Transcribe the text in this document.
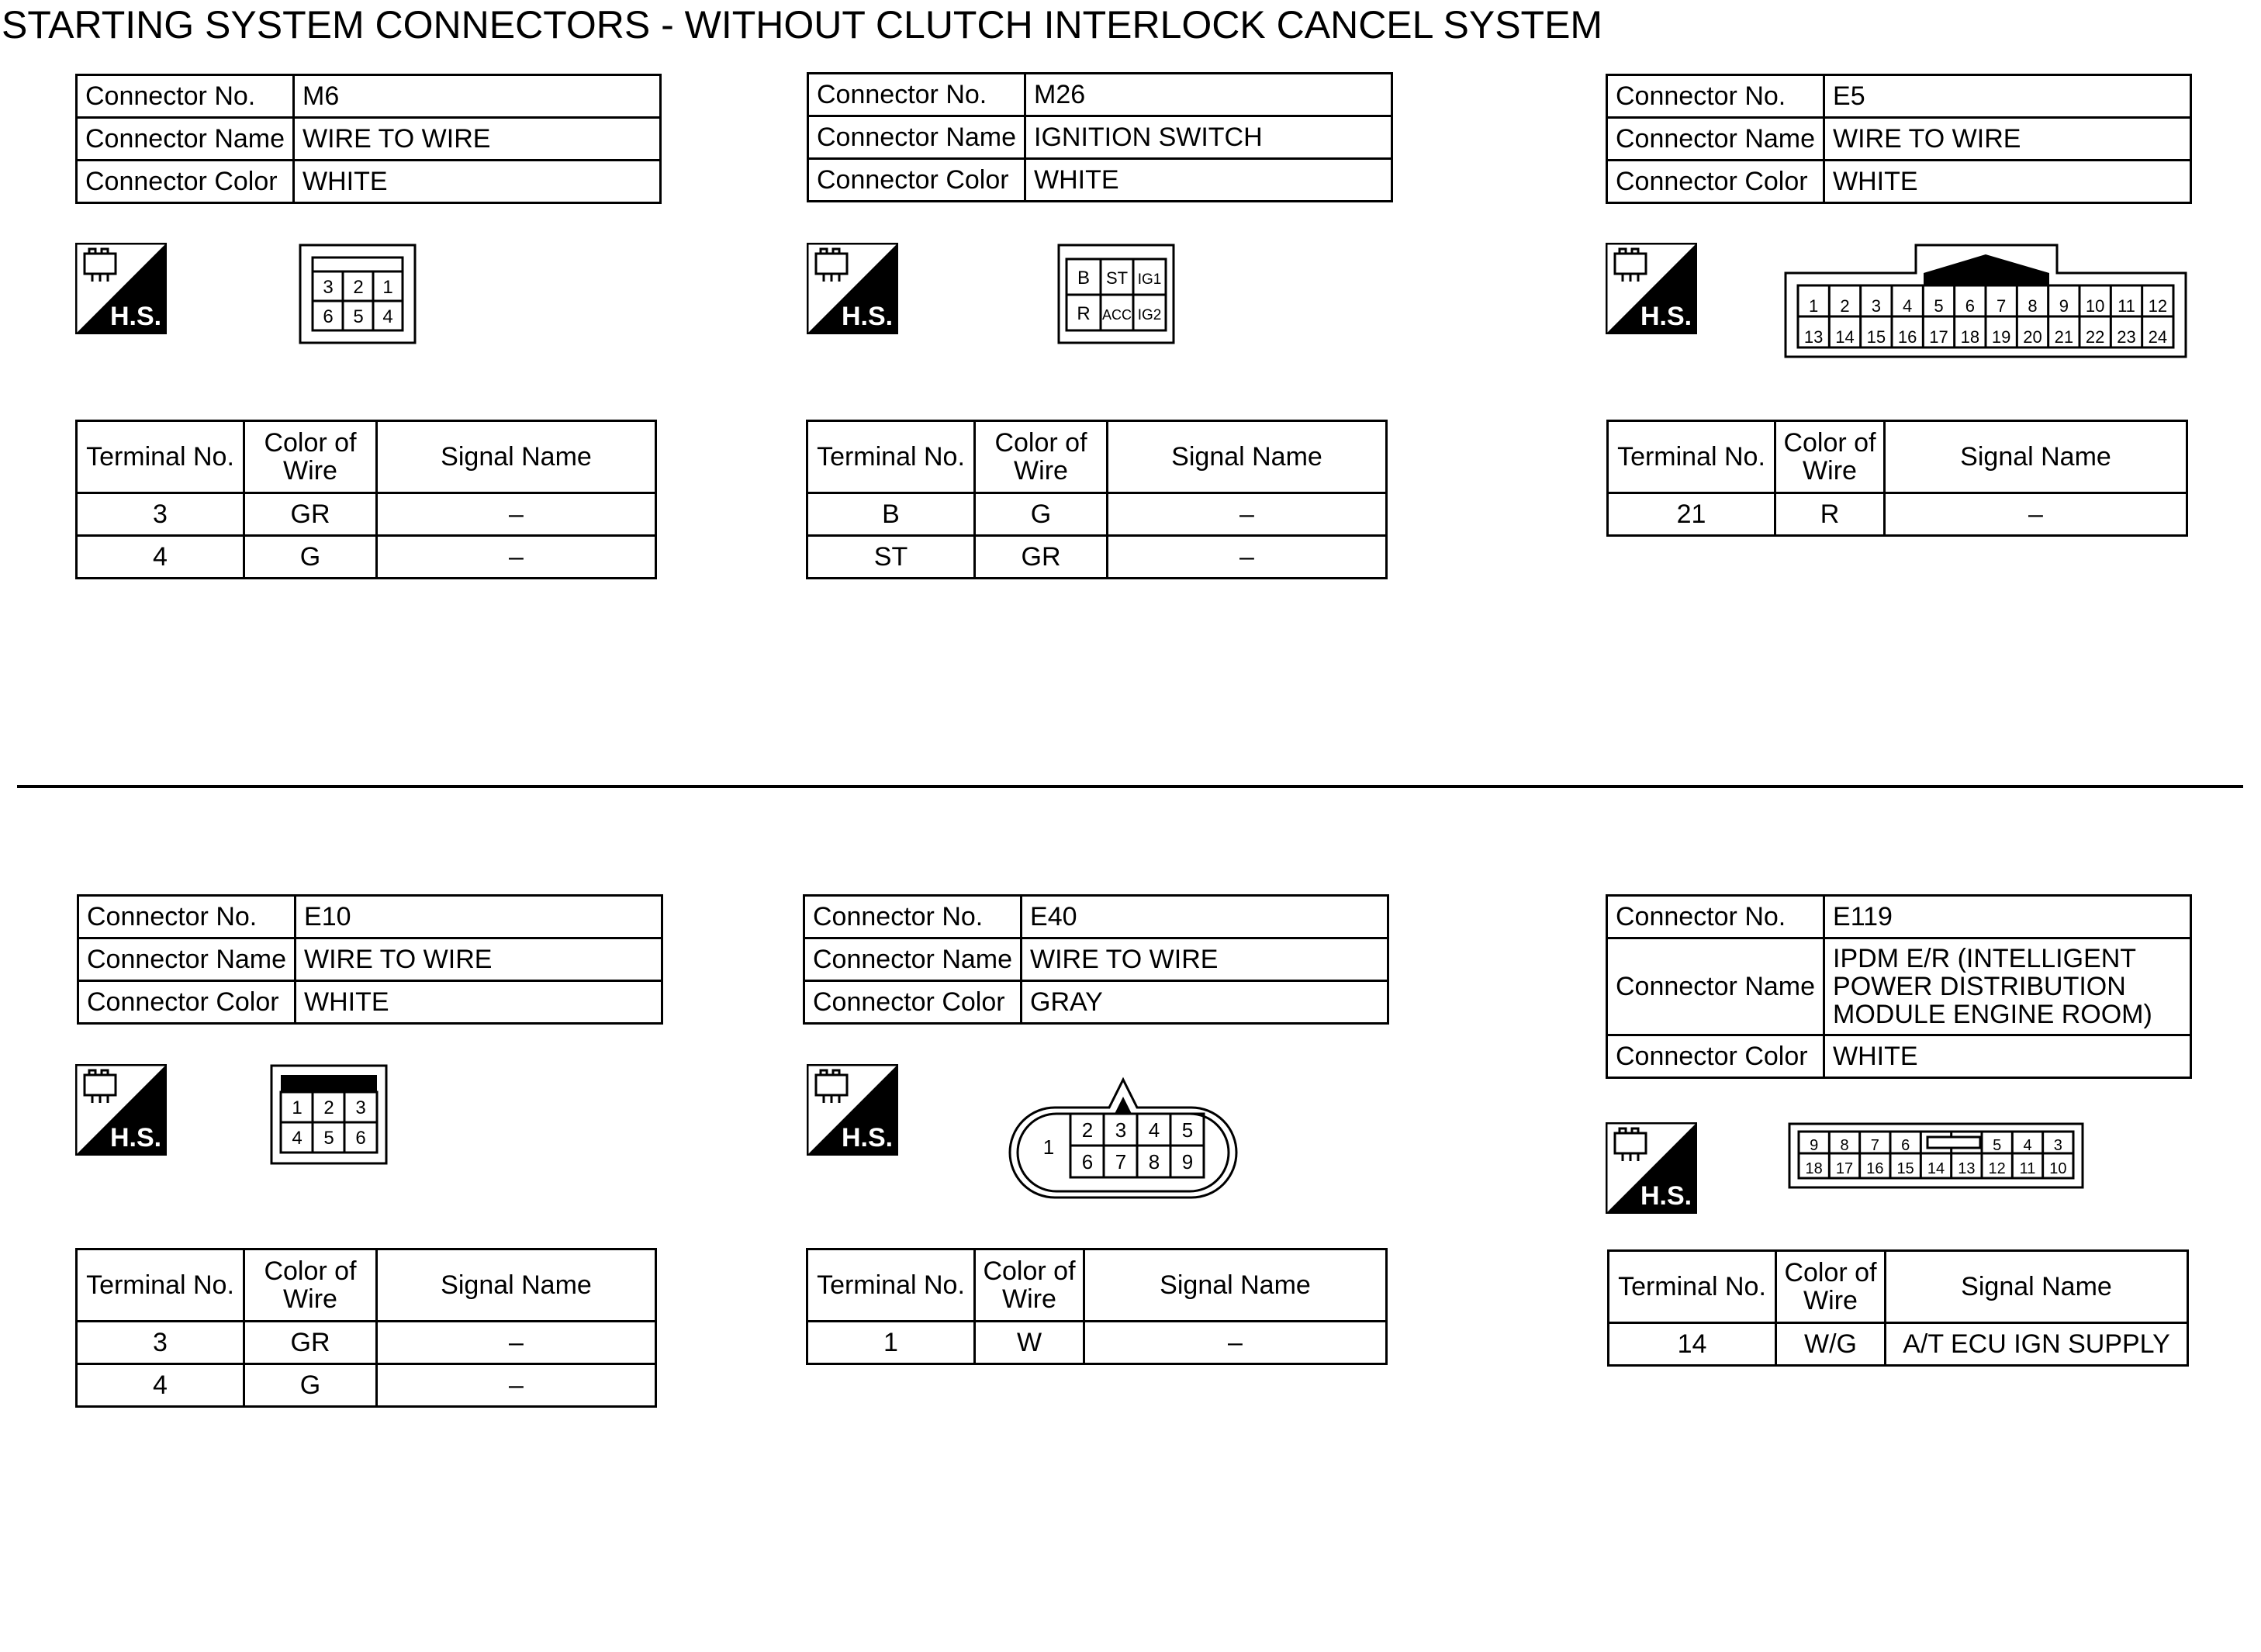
STARTING SYSTEM CONNECTORS - WITHOUT CLUTCH INTERLOCK CANCEL SYSTEM
Connector No.	M6
Connector Name	WIRE TO WIRE
Connector Color	WHITE
H.S.
3 2 1
6 5 4
Terminal No.	Color of Wire	Signal Name
3	GR	–
4	G	–
Connector No.	M26
Connector Name	IGNITION SWITCH
Connector Color	WHITE
H.S.
B ST IG1
R ACC IG2
Terminal No.	Color of Wire	Signal Name
B	G	–
ST	GR	–
Connector No.	E5
Connector Name	WIRE TO WIRE
Connector Color	WHITE
H.S.	1 2 3 4 5 6 7 8 9 10 11 12
13 14 15 16 17 18 19 20 21 22 23 24
Terminal No.	Color of Wire	Signal Name
21	R	–
Connector No.	E10
Connector Name	WIRE TO WIRE
Connector Color	WHITE
H.S.
1 2 3
4 5 6
Terminal No.	Color of Wire	Signal Name
3	GR	–
4	G	–
Connector No.	E40
Connector Name	WIRE TO WIRE
Connector Color	GRAY
H.S.	1
2 3 4 5
6 7 8 9
Terminal No.	Color of Wire	Signal Name
1	W	–
Connector No.	E119
Connector Name	IPDM E/R (INTELLIGENT POWER DISTRIBUTION MODULE ENGINE ROOM)
Connector Color	WHITE
H.S.
9 8 7 6	5 4 3
18 17 16 15 14 13 12 11 10
Terminal No.	Color of Wire	Signal Name
14	W/G	A/T ECU IGN SUPPLY
